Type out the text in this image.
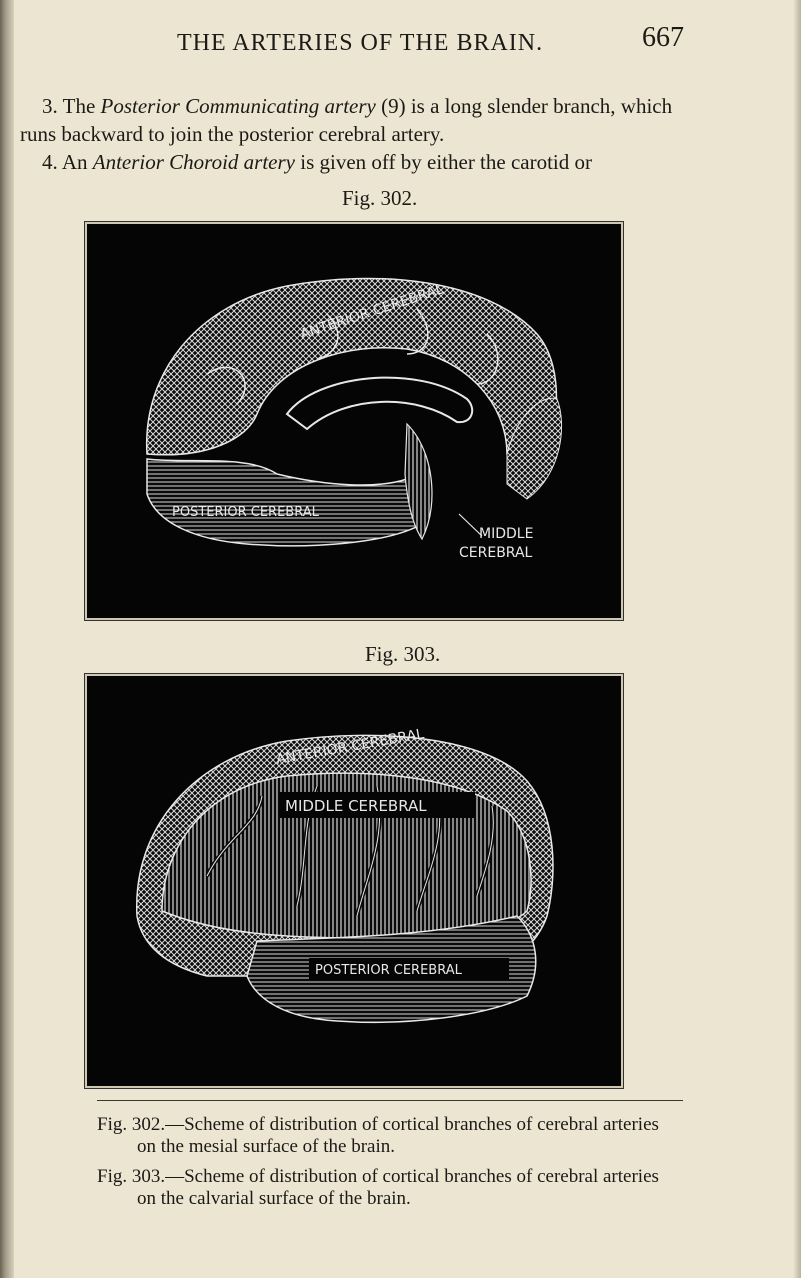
THE ARTERIES OF THE BRAIN.	667
3. The Posterior Communicating artery (9) is a long slender branch, which runs backward to join the posterior cerebral artery.
4. An Anterior Choroid artery is given off by either the carotid or
Fig. 302.
ANTERIOR CEREBRAL
POSTERIOR CEREBRAL
MIDDLE
CEREBRAL
Fig. 303.
ANTERIOR CEREBRAL
MIDDLE CEREBRAL
POSTERIOR CEREBRAL
Fig. 302.—Scheme of distribution of cortical branches of cerebral arteries
on the mesial surface of the brain.
Fig. 303.—Scheme of distribution of cortical branches of cerebral arteries
on the calvarial surface of the brain.
